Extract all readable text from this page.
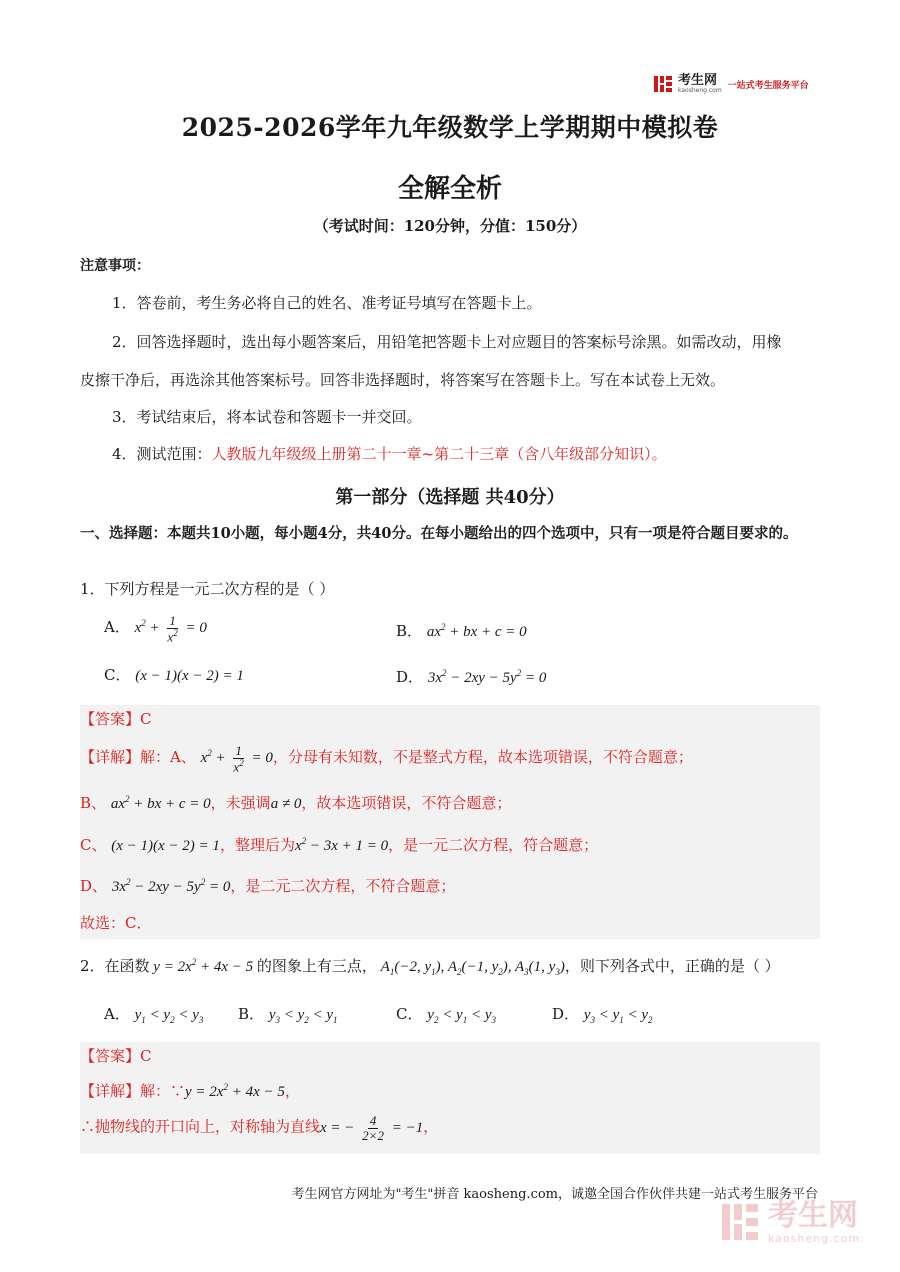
考生网
kaosheng.com 一站式考生服务平台
2025-2026学年九年级数学上学期期中模拟卷
全解全析
（考试时间：120分钟，分值：150分）
注意事项：
1．答卷前，考生务必将自己的姓名、准考证号填写在答题卡上。
2．回答选择题时，选出每小题答案后，用铅笔把答题卡上对应题目的答案标号涂黑。如需改动，用橡
皮擦干净后，再选涂其他答案标号。回答非选择题时，将答案写在答题卡上。写在本试卷上无效。
3．考试结束后，将本试卷和答题卡一并交回。
4．测试范围：人教版九年级级上册第二十一章~第二十三章（含八年级部分知识）。
第一部分（选择题 共40分）
一、选择题：本题共10小题，每小题4分，共40分。在每小题给出的四个选项中，只有一项是符合题目要求的。
1．下列方程是一元二次方程的是（ ）
A． $x^2 + \frac{1}{x^2} = 0$	B． $ax^2$ + bx + c = 0
C． (x − 1)(x − 2) = 1	D． $3x^2 - 2xy - 5y^2 = 0$
【答案】C
【详解】解：A、 $x^2 + \frac{1}{x^2} = 0$，分母有未知数，不是整式方程，故本选项错误，不符合题意；
B、 $ax^2$ + bx + c = 0，未强调a ≠ 0，故本选项错误，不符合题意；
C、 (x − 1)(x − 2) = 1，整理后为$x^2 - 3x + 1 = 0$，是一元二次方程，符合题意；
D、 $3x^2 - 2xy - 5y^2 = 0$，是二元二次方程，不符合题意；
故选：C．
2．在函数 $y = 2x^2 + 4x - 5$ 的图象上有三点， $A_1(-2$, $y_1$), $A_2(-1$, $y_2$), $A_3(1$, $y_3$)，则下列各式中，正确的是（ ）
A． $y_1 < y_2 < y_3$ B． $y_3 < y_2 < y_1$	C． $y_2 < y_1 < y_3$	D． $y_3 < y_1 < y_2$
【答案】C
【详解】解：∵y = $2x^2 + 4x - 5$，
∴抛物线的开口向上，对称轴为直线x = − $\frac{4}{2\times 2} = -1$，
考生网官方网址为"考生"拼音 kaosheng.com，诚邀全国合作伙伴共建一站式考生服务平台
考生网
kaosheng.com
